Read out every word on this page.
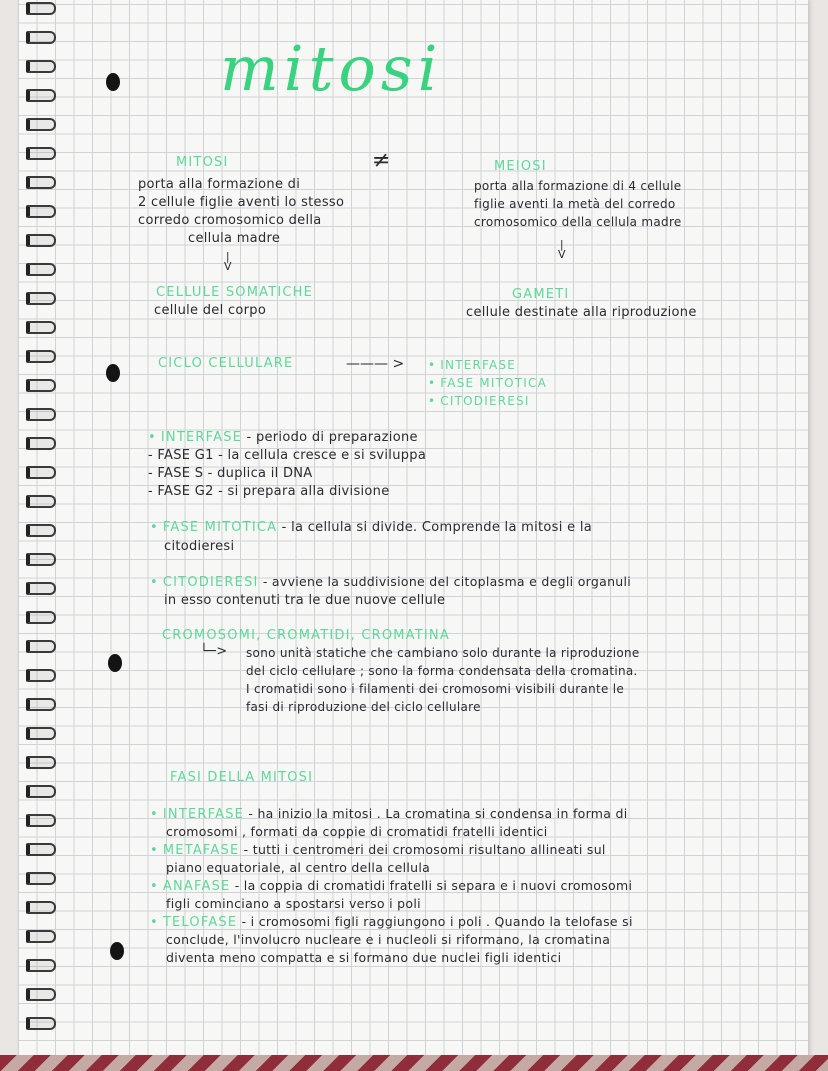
mitosi
≠
MITOSI
porta alla formazione di
2 cellule figlie aventi lo stesso
corredo cromosomico della
cellula madre
|
V
CELLULE SOMATICHE
cellule del corpo
MEIOSI
porta alla formazione di 4 cellule
figlie aventi la metà del corredo
cromosomico della cellula madre
|
V
GAMETI
cellule destinate alla riproduzione
CICLO CELLULARE	——— >
•	INTERFASE
• FASE MITOTICA
• CITODIERESI
• INTERFASE - periodo di preparazione
- FASE G1 - la cellula cresce e si sviluppa
- FASE S - duplica il DNA
- FASE G2 - si prepara alla divisione
• FASE MITOTICA - la cellula si divide. Comprende la mitosi e la
citodieresi
• CITODIERESI - avviene la suddivisione del citoplasma e degli organuli
in esso contenuti tra le due nuove cellule
CROMOSOMI, CROMATIDI, CROMATINA
└─> sono unità statiche che cambiano solo durante la riproduzione
del ciclo cellulare ; sono la forma condensata della cromatina.
I cromatidi sono i filamenti dei cromosomi visibili durante le
fasi di riproduzione del ciclo cellulare
FASI DELLA MITOSI
• INTERFASE - ha inizio la mitosi . La cromatina si condensa in forma di
cromosomi , formati da coppie di cromatidi fratelli identici
• METAFASE - tutti i centromeri dei cromosomi risultano allineati sul
piano equatoriale, al centro della cellula
• ANAFASE - la coppia di cromatidi fratelli si separa e i nuovi cromosomi
figli cominciano a spostarsi verso i poli
• TELOFASE - i cromosomi figli raggiungono i poli . Quando la telofase si
conclude, l'involucro nucleare e i nucleoli si riformano, la cromatina
diventa meno compatta e si formano due nuclei figli identici
